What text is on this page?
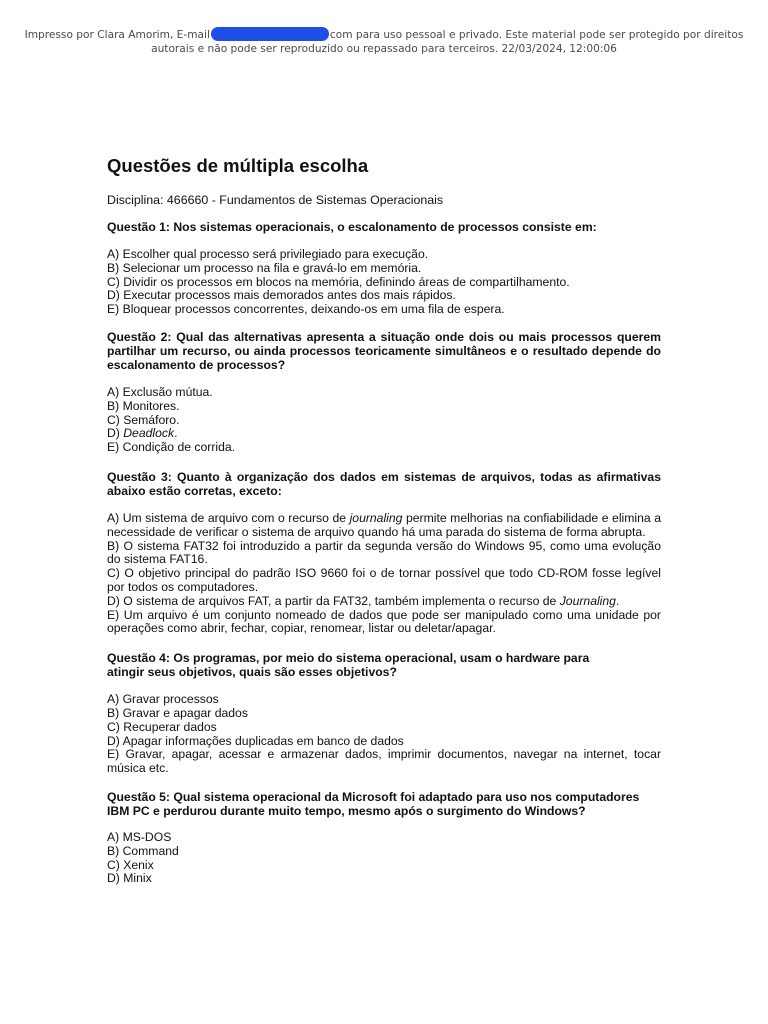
Impresso por Clara Amorim, E-mail	com para uso pessoal e privado. Este material pode ser protegido por direitos
autorais e não pode ser reproduzido ou repassado para terceiros. 22/03/2024, 12:00:06
Questões de múltipla escolha
Disciplina: 466660 - Fundamentos de Sistemas Operacionais
Questão 1: Nos sistemas operacionais, o escalonamento de processos consiste em:
A) Escolher qual processo será privilegiado para execução.
B) Selecionar um processo na fila e gravá-lo em memória.
C) Dividir os processos em blocos na memória, definindo áreas de compartilhamento.
D) Executar processos mais demorados antes dos mais rápidos.
E) Bloquear processos concorrentes, deixando-os em uma fila de espera.
Questão 2: Qual das alternativas apresenta a situação onde dois ou mais processos querem partilhar um recurso, ou ainda processos teoricamente simultâneos e o resultado depende do escalonamento de processos?
A) Exclusão mútua.
B) Monitores.
C) Semáforo.
D) Deadlock.
E) Condição de corrida.
Questão 3: Quanto à organização dos dados em sistemas de arquivos, todas as afirmativas abaixo estão corretas, exceto:
A) Um sistema de arquivo com o recurso de journaling permite melhorias na confiabilidade e elimina a necessidade de verificar o sistema de arquivo quando há uma parada do sistema de forma abrupta.
B) O sistema FAT32 foi introduzido a partir da segunda versão do Windows 95, como uma evolução do sistema FAT16.
C) O objetivo principal do padrão ISO 9660 foi o de tornar possível que todo CD-ROM fosse legível por todos os computadores.
D) O sistema de arquivos FAT, a partir da FAT32, também implementa o recurso de Journaling.
E) Um arquivo é um conjunto nomeado de dados que pode ser manipulado como uma unidade por operações como abrir, fechar, copiar, renomear, listar ou deletar/apagar.
Questão 4: Os programas, por meio do sistema operacional, usam o hardware para atingir seus objetivos, quais são esses objetivos?
A) Gravar processos
B) Gravar e apagar dados
C) Recuperar dados
D) Apagar informações duplicadas em banco de dados
E) Gravar, apagar, acessar e armazenar dados, imprimir documentos, navegar na internet, tocar música etc.
Questão 5: Qual sistema operacional da Microsoft foi adaptado para uso nos computadores IBM PC e perdurou durante muito tempo, mesmo após o surgimento do Windows?
A) MS-DOS
B) Command
C) Xenix
D) Minix
